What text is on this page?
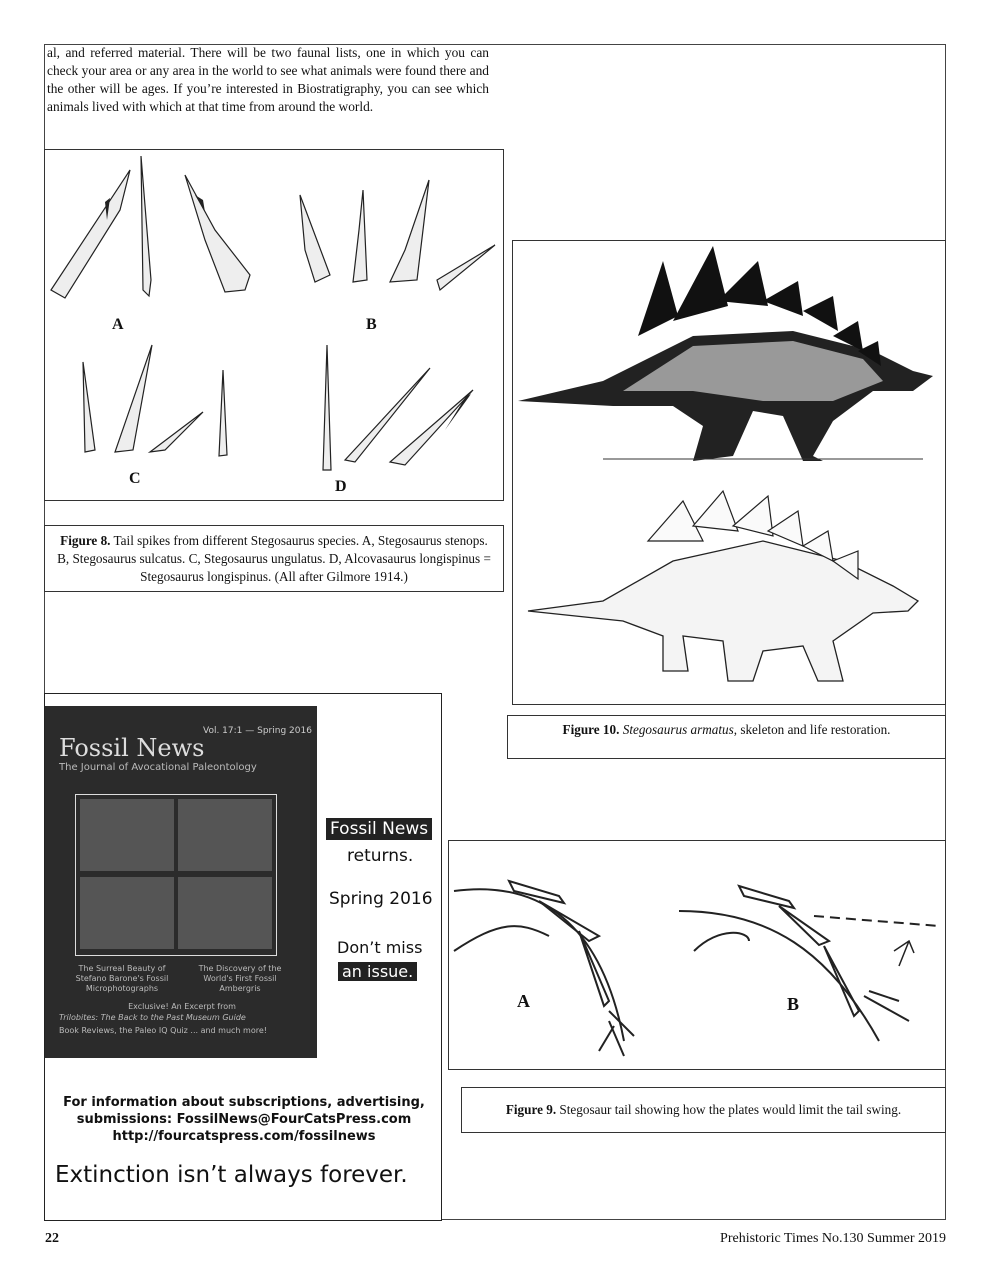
al, and referred material. There will be two faunal lists, one in which you can check your area or any area in the world to see what animals were found there and the other will be ages. If you’re interested in Biostratigraphy, you can see which animals lived with which at that time from around the world.
A	B
C	D
Figure 8. Tail spikes from different Stegosaurus species. A, Stegosaurus stenops. B, Stegosaurus sulcatus. C, Stegosaurus ungulatus. D, Alcovasaurus longispinus = Stegosaurus longispinus. (All after Gilmore 1914.)
Figure 10. Stegosaurus armatus, skeleton and life restoration.
A	B
Figure 9. Stegosaur tail showing how the plates would limit the tail swing.
Vol. 17:1 — Spring 2016
Fossil News
The Journal of Avocational Paleontology
The Surreal Beauty of Stefano Barone's Fossil Microphotographs
The Discovery of the World's First Fossil Ambergris
Exclusive! An Excerpt from
Trilobites: The Back to the Past Museum Guide
Book Reviews, the Paleo IQ Quiz ... and much more!
Fossil News
returns.
Spring 2016
Don’t miss
an issue.
For information about subscriptions, advertising,
submissions: FossilNews@FourCatsPress.com
http://fourcatspress.com/fossilnews
Extinction isn’t always forever.
22	Prehistoric Times No.130 Summer 2019
